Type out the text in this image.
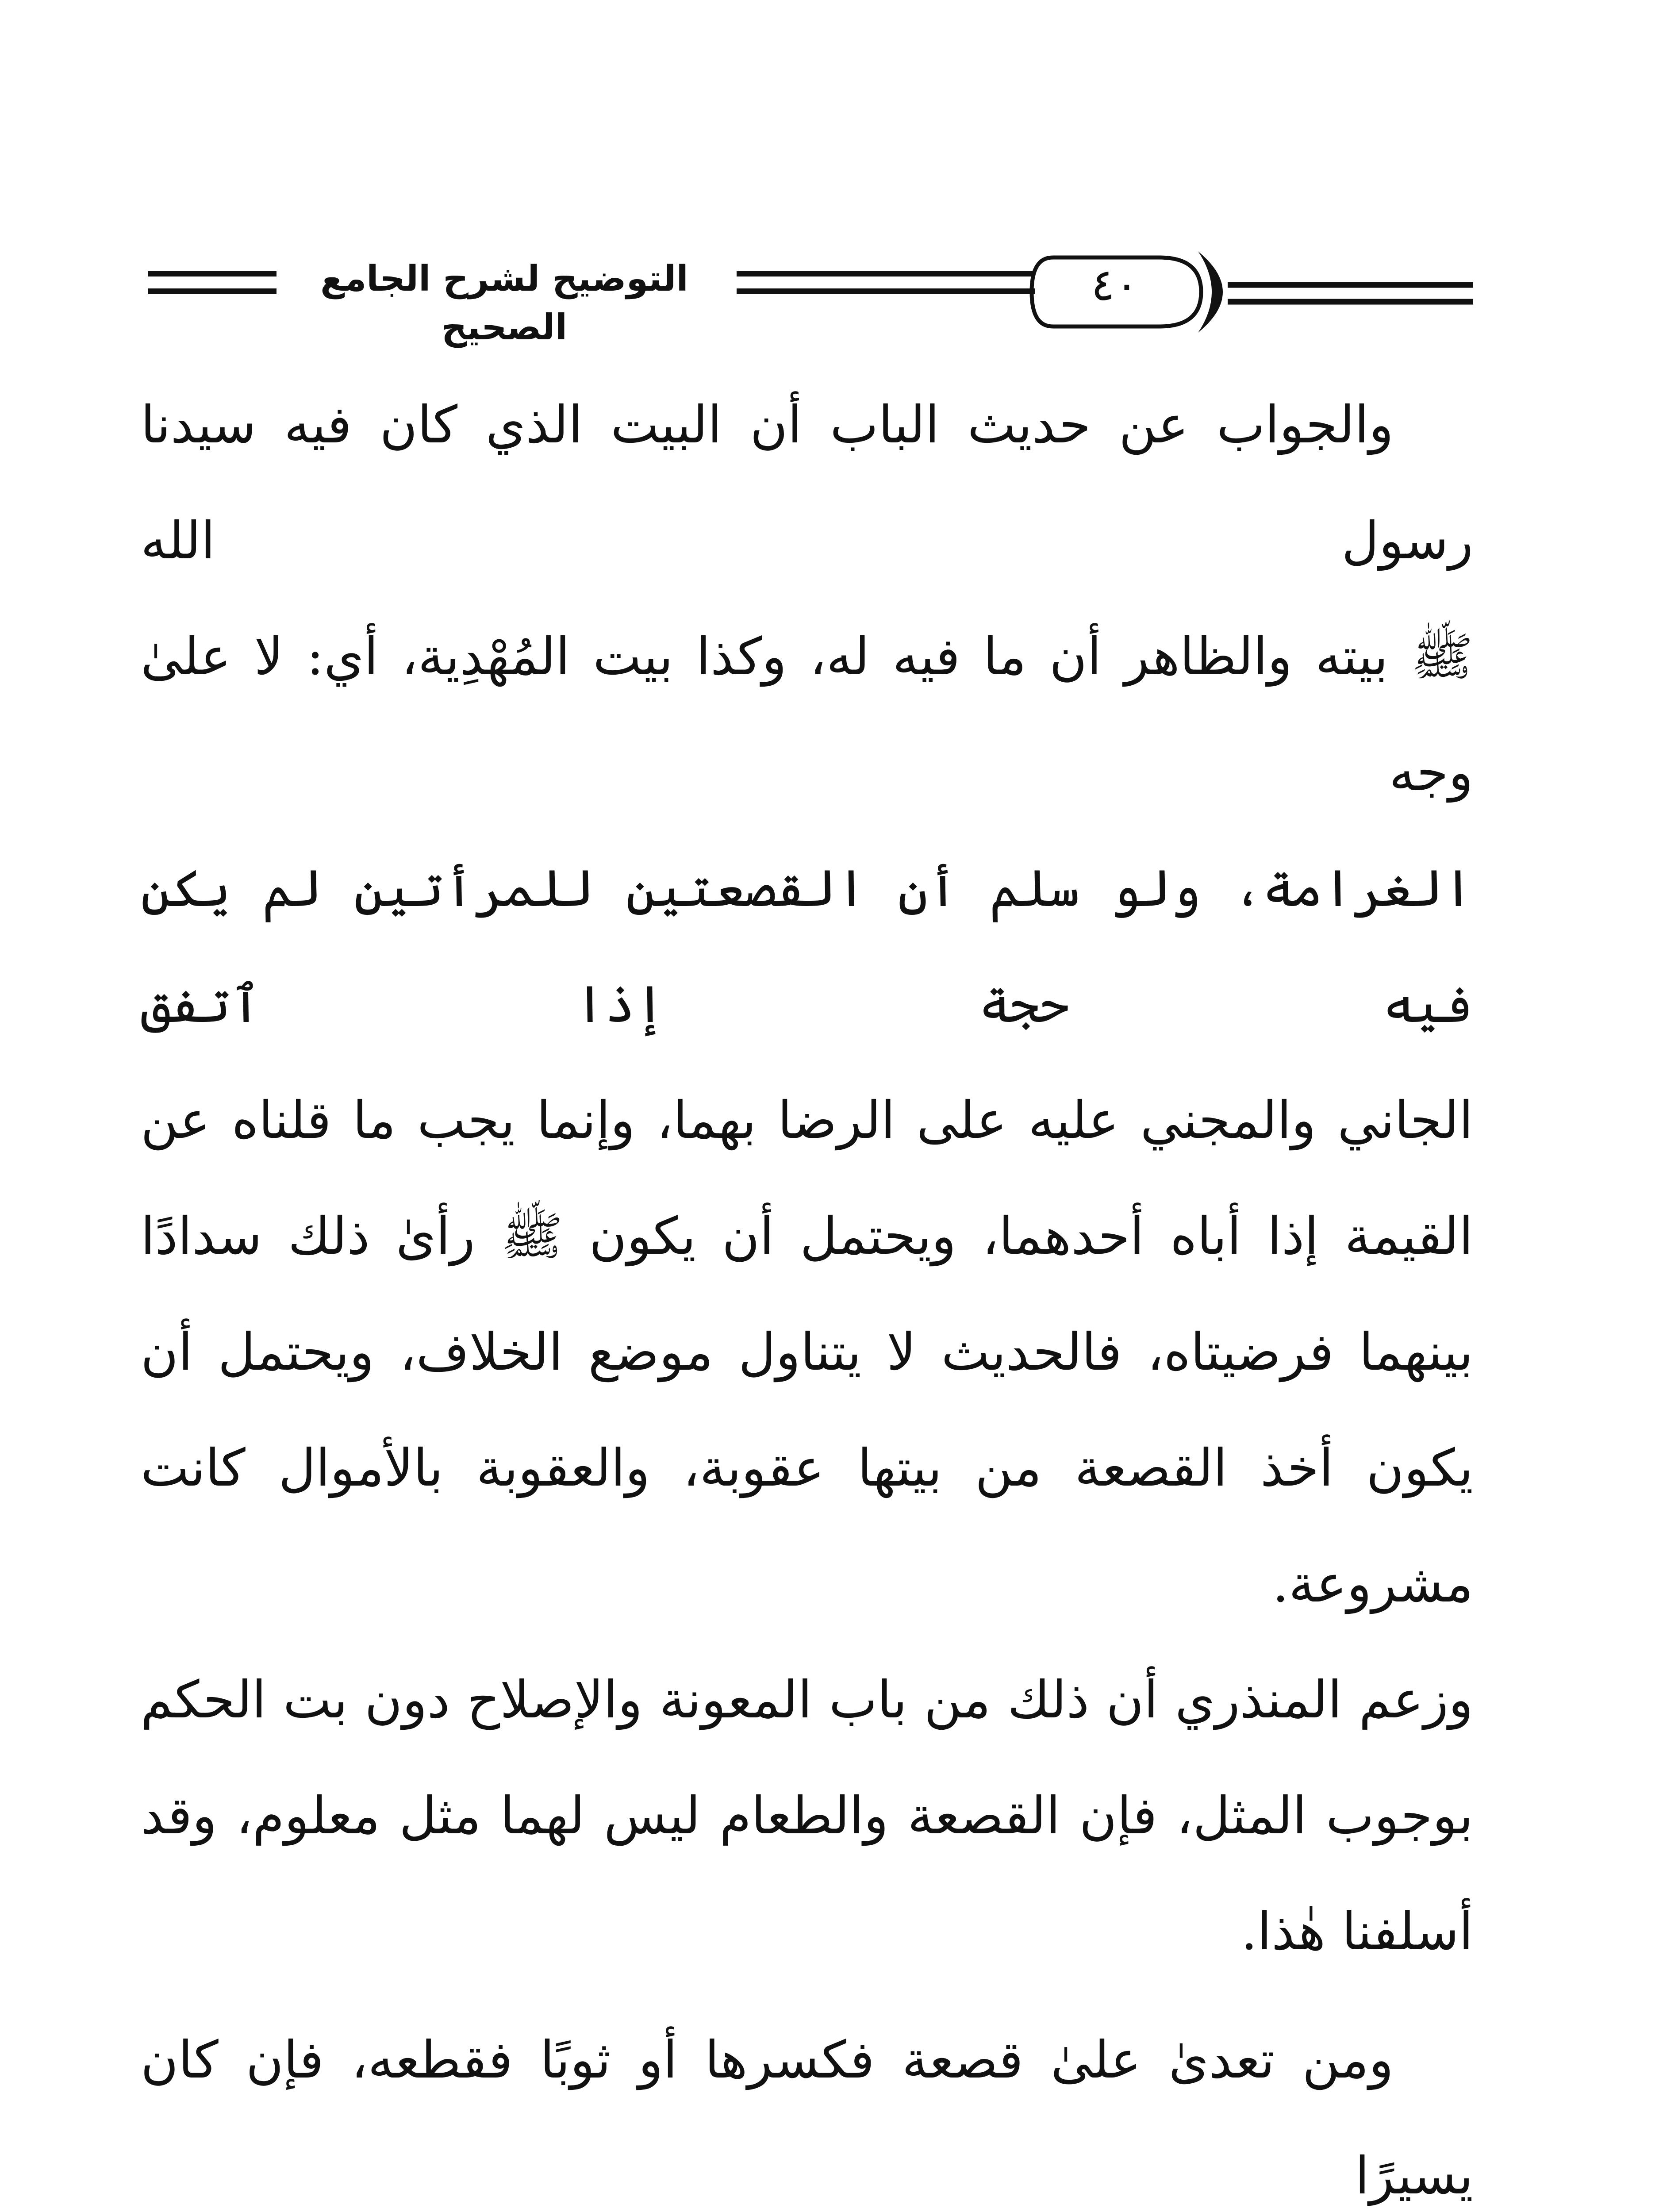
التوضيح لشرح الجامع الصحيح
٤٠

والجواب عن حديث الباب أن البيت الذي كان فيه سيدنا رسول الله

ﷺ بيته والظاهر أن ما فيه له، وكذا بيت المُهْدِية، أي: لا علىٰ وجه

الغرامة، ولو سلم أن القصعتين للمرأتين لم يكن فيه حجة إذا ٱتفق

الجاني والمجني عليه على الرضا بهما، وإنما يجب ما قلناه عن

القيمة إذا أباه أحدهما، ويحتمل أن يكون ﷺ رأىٰ ذلك سدادًا

بينهما فرضيتاه، فالحديث لا يتناول موضع الخلاف، ويحتمل أن

يكون أخذ القصعة من بيتها عقوبة، والعقوبة بالأموال كانت مشروعة.

وزعم المنذري أن ذلك من باب المعونة والإصلاح دون بت الحكم

بوجوب المثل، فإن القصعة والطعام ليس لهما مثل معلوم، وقد

أسلفنا هٰذا.

ومن تعدىٰ علىٰ قصعة فكسرها أو ثوبًا فقطعه، فإن كان يسيرًا
